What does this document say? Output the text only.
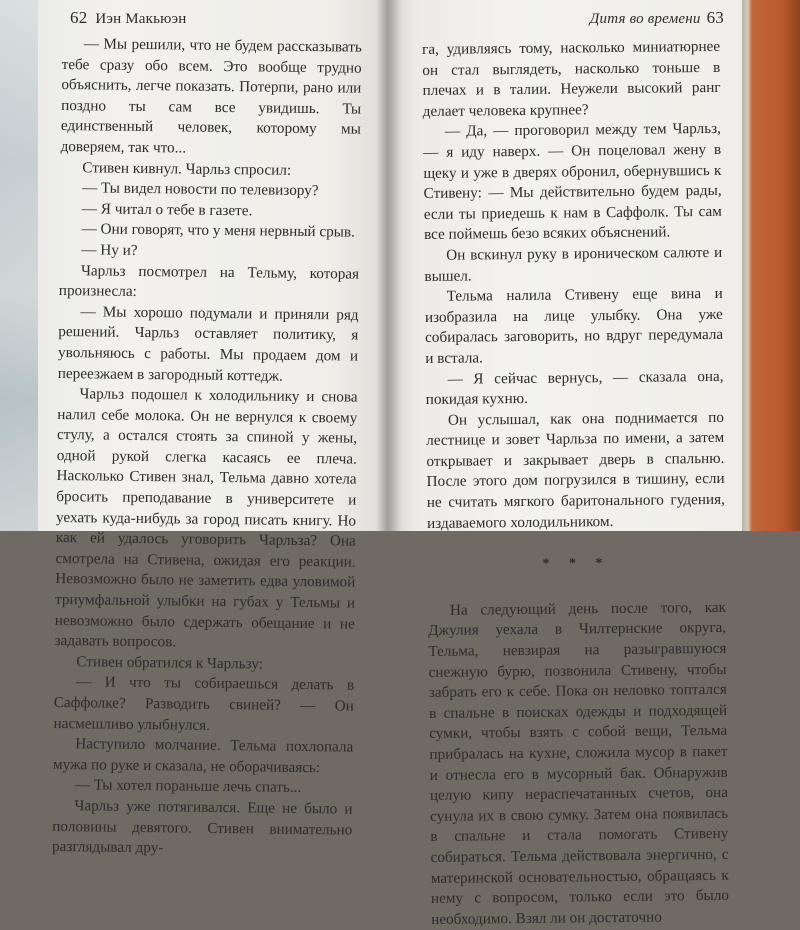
62 Иэн Макьюэн

— Мы решили, что не будем рассказывать тебе сразу обо всем. Это вообще трудно объяснить, легче показать. Потерпи, рано или поздно ты сам все увидишь. Ты единственный человек, которому мы доверяем, так что...

Стивен кивнул. Чарльз спросил:

— Ты видел новости по телевизору?

— Я читал о тебе в газете.

— Они говорят, что у меня нервный срыв.

— Ну и?

Чарльз посмотрел на Тельму, которая произнесла:

— Мы хорошо подумали и приняли ряд решений. Чарльз оставляет политику, я увольняюсь с работы. Мы продаем дом и переезжаем в загородный коттедж.

Чарльз подошел к холодильнику и снова налил себе молока. Он не вернулся к своему стулу, а остался стоять за спиной у жены, одной рукой слегка касаясь ее плеча. Насколько Стивен знал, Тельма давно хотела бросить преподавание в университете и уехать куда-нибудь за город писать книгу. Но как ей удалось уговорить Чарльза? Она смотрела на Стивена, ожидая его реакции. Невозможно было не заметить едва уловимой триумфальной улыбки на губах у Тельмы и невозможно было сдержать обещание и не задавать вопросов.

Стивен обратился к Чарльзу:

— И что ты собираешься делать в Саффолке? Разводить свиней? — Он насмешливо улыбнулся.

Наступило молчание. Тельма похлопала мужа по руке и сказала, не оборачиваясь:

— Ты хотел пораньше лечь спать...

Чарльз уже потягивался. Еще не было и половины девятого. Стивен внимательно разглядывал дру-

Дитя во времени 63

га, удивляясь тому, насколько миниатюрнее он стал выглядеть, насколько тоньше в плечах и в талии. Неужели высокий ранг делает человека крупнее?

— Да, — проговорил между тем Чарльз, — я иду наверх. — Он поцеловал жену в щеку и уже в дверях обронил, обернувшись к Стивену: — Мы действительно будем рады, если ты приедешь к нам в Саффолк. Ты сам все поймешь безо всяких объяснений.

Он вскинул руку в ироническом салюте и вышел.

Тельма налила Стивену еще вина и изобразила на лице улыбку. Она уже собиралась заговорить, но вдруг передумала и встала.

— Я сейчас вернусь, — сказала она, покидая кухню.

Он услышал, как она поднимается по лестнице и зовет Чарльза по имени, а затем открывает и закрывает дверь в спальню. После этого дом погрузился в тишину, если не считать мягкого баритонального гудения, издаваемого холодильником.

* * *

На следующий день после того, как Джулия уехала в Чилтернские округа, Тельма, невзирая на разыгравшуюся снежную бурю, позвонила Стивену, чтобы забрать его к себе. Пока он неловко топтался в спальне в поисках одежды и подходящей сумки, чтобы взять с собой вещи, Тельма прибралась на кухне, сложила мусор в пакет и отнесла его в мусорный бак. Обнаружив целую кипу нераспечатанных счетов, она сунула их в свою сумку. Затем она появилась в спальне и стала помогать Стивену собираться. Тельма действовала энергично, с материнской основательностью, обращаясь к нему с вопросом, только если это было необходимо. Взял ли он достаточно
